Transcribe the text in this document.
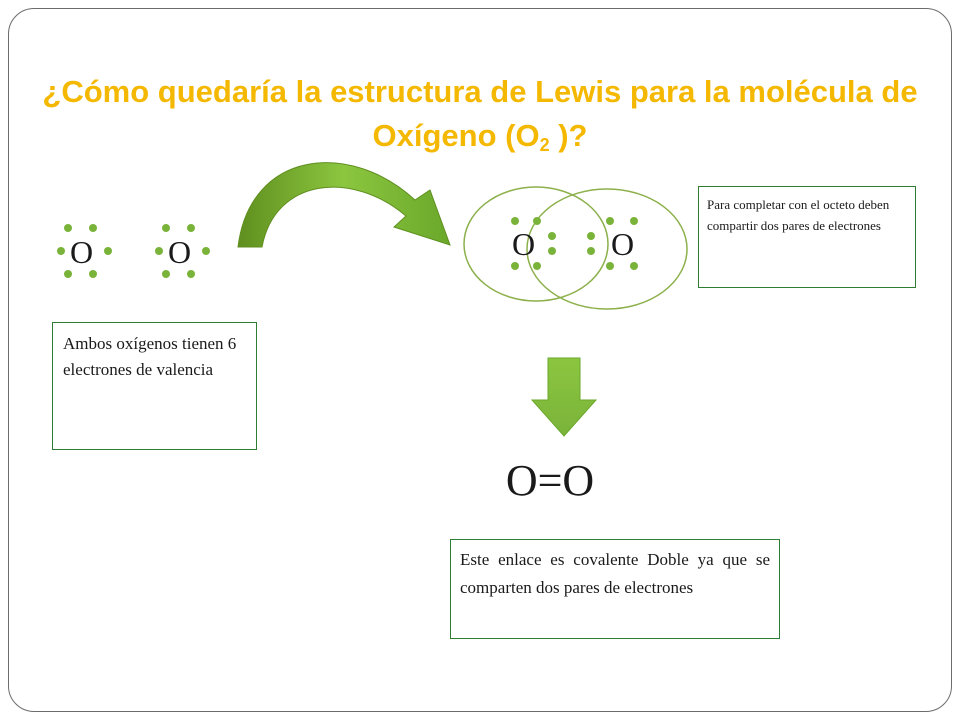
¿Cómo quedaría la estructura de Lewis para la molécula de Oxígeno ($O_2$ )?
O O	O O
Ambos oxígenos tienen 6 electrones de valencia
Para completar con el octeto deben compartir dos pares de electrones
O=O
Este enlace es covalente Doble ya que se comparten dos pares de electrones
